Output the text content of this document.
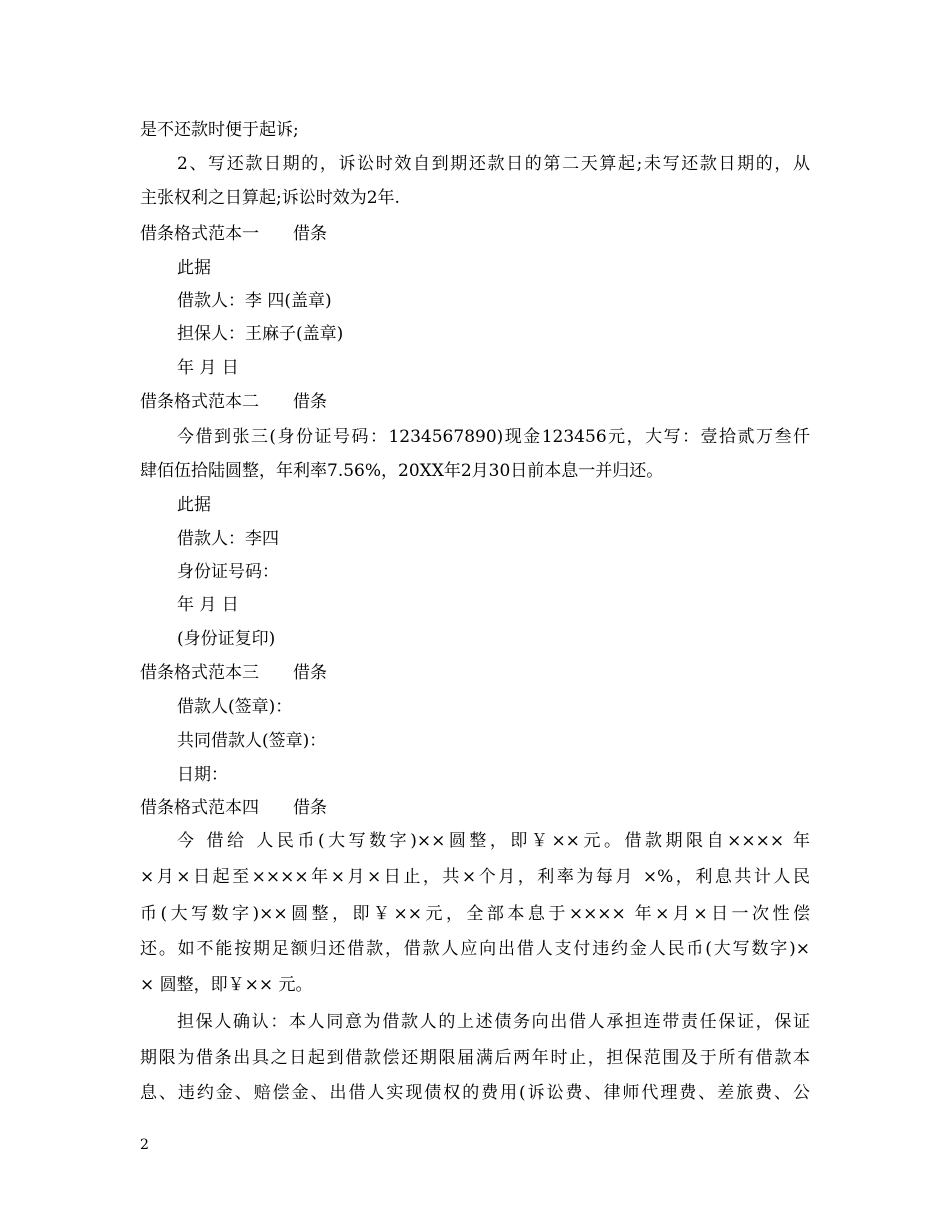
是不还款时便于起诉;
2、写还款日期的，诉讼时效自到期还款日的第二天算起;未写还款日期的，从
主张权利之日算起;诉讼时效为2年.
借条格式范本一　　借条
此据
借款人：李 四(盖章)
担保人：王麻子(盖章)
年 月 日
借条格式范本二　　借条
今借到张三(身份证号码：1234567890)现金123456元，大写：壹拾贰万叁仟
肆佰伍拾陆圆整，年利率7.56%，20XX年2月30日前本息一并归还。
此据
借款人：李四
身份证号码：
年 月 日
(身份证复印)
借条格式范本三　　借条
借款人(签章)：
共同借款人(签章)：
日期：
借条格式范本四　　借条
今 借给 人民币(大写数字)××圆整，即￥××元。借款期限自×××× 年
×月×日起至××××年×月×日止，共×个月，利率为每月 ×%，利息共计人民
币(大写数字)××圆整，即￥××元，全部本息于×××× 年×月×日一次性偿
还。如不能按期足额归还借款，借款人应向出借人支付违约金人民币(大写数字)×
× 圆整，即￥×× 元。
担保人确认：本人同意为借款人的上述债务向出借人承担连带责任保证，保证
期限为借条出具之日起到借款偿还期限届满后两年时止，担保范围及于所有借款本
息、违约金、赔偿金、出借人实现债权的费用(诉讼费、律师代理费、差旅费、公
2
